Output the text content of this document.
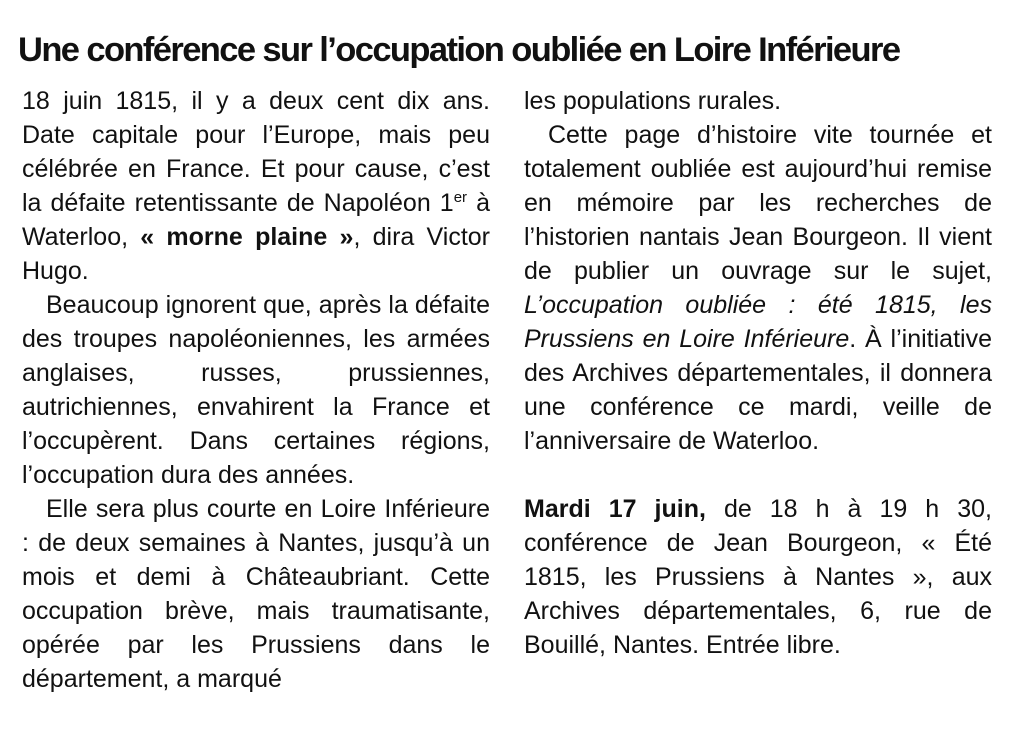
Une conférence sur l’occupation oubliée en Loire Inférieure

18 juin 1815, il y a deux cent dix ans. Date capitale pour l’Europe, mais peu célébrée en France. Et pour cause, c’est la défaite retentissante de Napoléon 1er à Waterloo, « morne plaine », dira Victor Hugo.

Beaucoup ignorent que, après la défaite des troupes napoléoniennes, les armées anglaises, russes, prussiennes, autrichiennes, envahirent la France et l’occupèrent. Dans certaines régions, l’occupation dura des années.

Elle sera plus courte en Loire Inférieure : de deux semaines à Nantes, jusqu’à un mois et demi à Châteaubriant. Cette occupation brève, mais traumatisante, opérée par les Prussiens dans le département, a marqué

les populations rurales.

Cette page d’histoire vite tournée et totalement oubliée est aujourd’hui remise en mémoire par les recherches de l’historien nantais Jean Bourgeon. Il vient de publier un ouvrage sur le sujet, L’occupation oubliée : été 1815, les Prussiens en Loire Inférieure. À l’initiative des Archives départementales, il donnera une conférence ce mardi, veille de l’anniversaire de Waterloo.

Mardi 17 juin, de 18 h à 19 h 30, conférence de Jean Bourgeon, « Été 1815, les Prussiens à Nantes », aux Archives départementales, 6, rue de Bouillé, Nantes. Entrée libre.
